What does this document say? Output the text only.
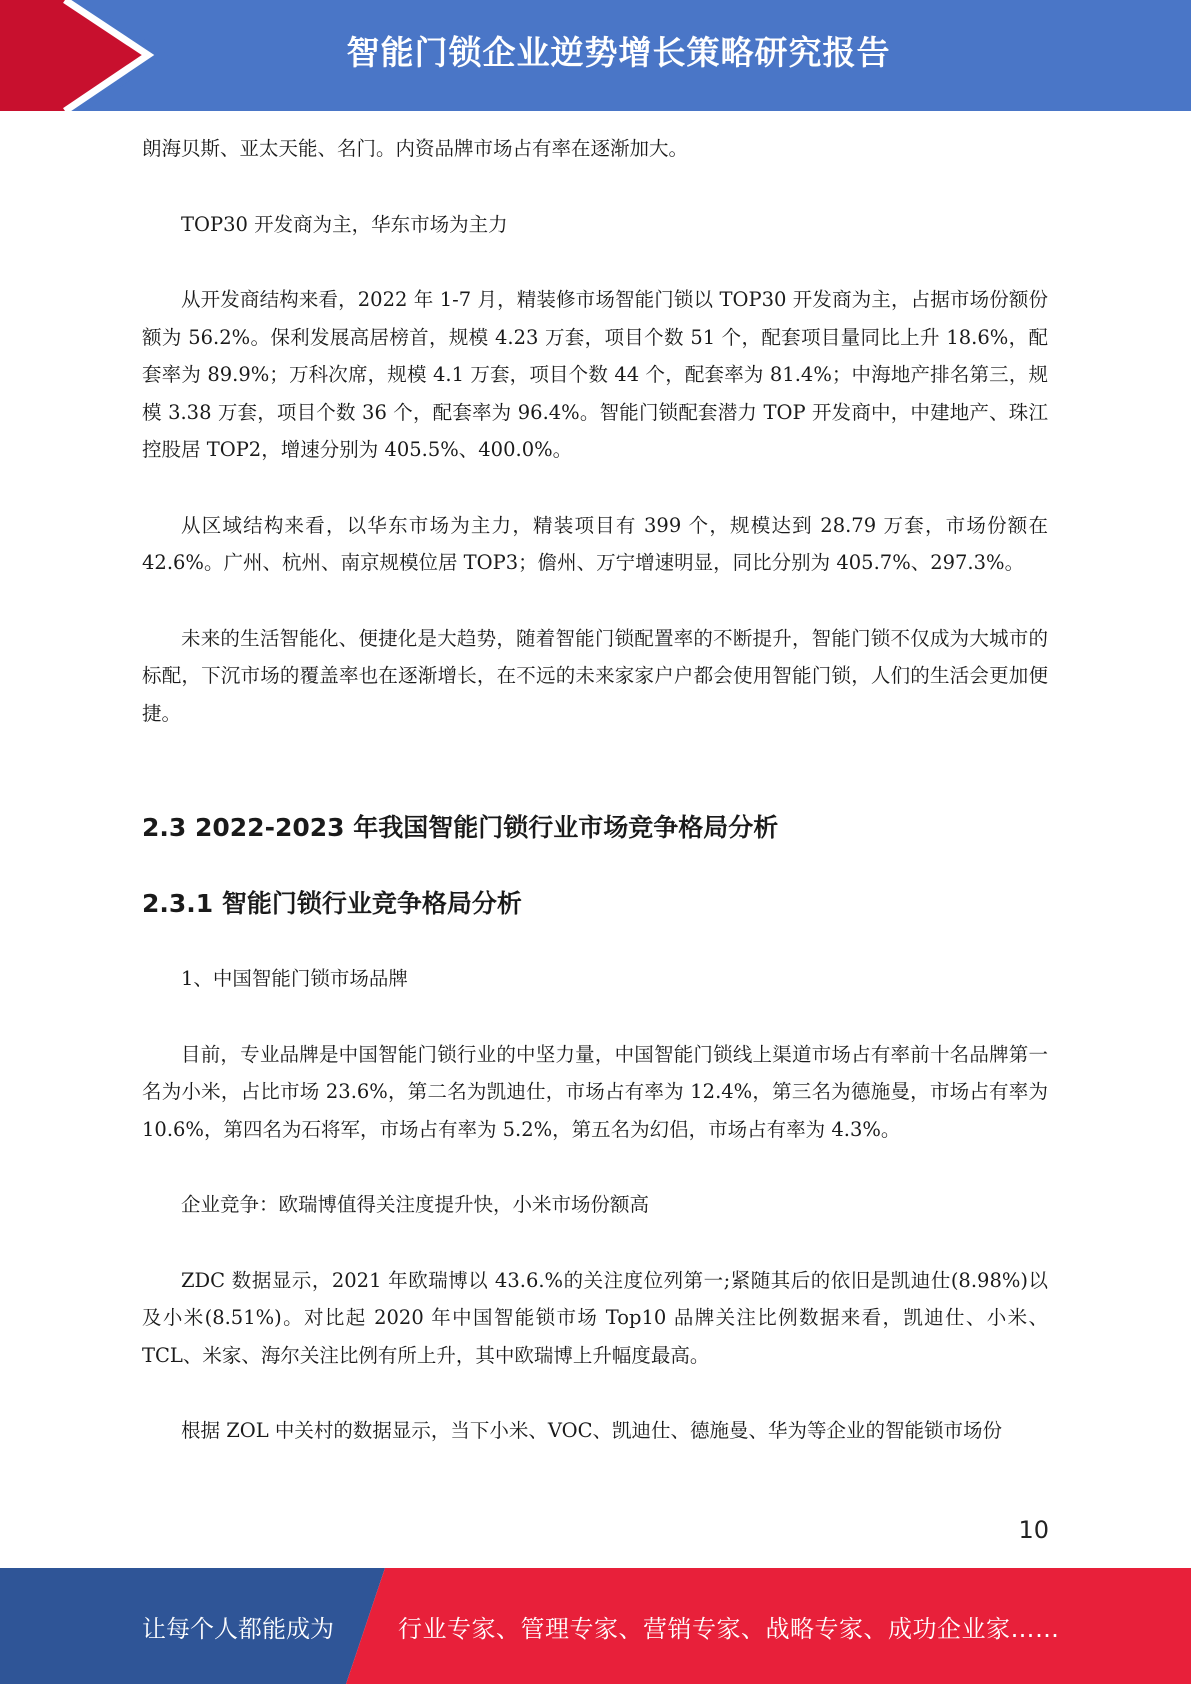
智能门锁企业逆势增长策略研究报告

朗海贝斯、亚太天能、名门。内资品牌市场占有率在逐渐加大。

TOP30 开发商为主，华东市场为主力

从开发商结构来看，2022 年 1-7 月，精装修市场智能门锁以 TOP30 开发商为主，占据市场份额份额为 56.2%。保利发展高居榜首，规模 4.23 万套，项目个数 51 个，配套项目量同比上升 18.6%，配套率为 89.9%；万科次席，规模 4.1 万套，项目个数 44 个，配套率为 81.4%；中海地产排名第三，规模 3.38 万套，项目个数 36 个，配套率为 96.4%。智能门锁配套潜力 TOP 开发商中，中建地产、珠江控股居 TOP2，增速分别为 405.5%、400.0%。

从区域结构来看，以华东市场为主力，精装项目有 399 个，规模达到 28.79 万套，市场份额在 42.6%。广州、杭州、南京规模位居 TOP3；儋州、万宁增速明显，同比分别为 405.7%、297.3%。

未来的生活智能化、便捷化是大趋势，随着智能门锁配置率的不断提升，智能门锁不仅成为大城市的标配，下沉市场的覆盖率也在逐渐增长，在不远的未来家家户户都会使用智能门锁，人们的生活会更加便捷。

2.3 2022-2023 年我国智能门锁行业市场竞争格局分析
2.3.1 智能门锁行业竞争格局分析

1、中国智能门锁市场品牌

目前，专业品牌是中国智能门锁行业的中坚力量，中国智能门锁线上渠道市场占有率前十名品牌第一名为小米，占比市场 23.6%，第二名为凯迪仕，市场占有率为 12.4%，第三名为德施曼，市场占有率为 10.6%，第四名为石将军，市场占有率为 5.2%，第五名为幻侣，市场占有率为 4.3%。

企业竞争：欧瑞博值得关注度提升快，小米市场份额高

ZDC 数据显示，2021 年欧瑞博以 43.6.%的关注度位列第一;紧随其后的依旧是凯迪仕(8.98%)以及小米(8.51%)。对比起 2020 年中国智能锁市场 Top10 品牌关注比例数据来看，凯迪仕、小米、TCL、米家、海尔关注比例有所上升，其中欧瑞博上升幅度最高。

根据 ZOL 中关村的数据显示，当下小米、VOC、凯迪仕、德施曼、华为等企业的智能锁市场份

10
让每个人都能成为	行业专家、管理专家、营销专家、战略专家、成功企业家……
